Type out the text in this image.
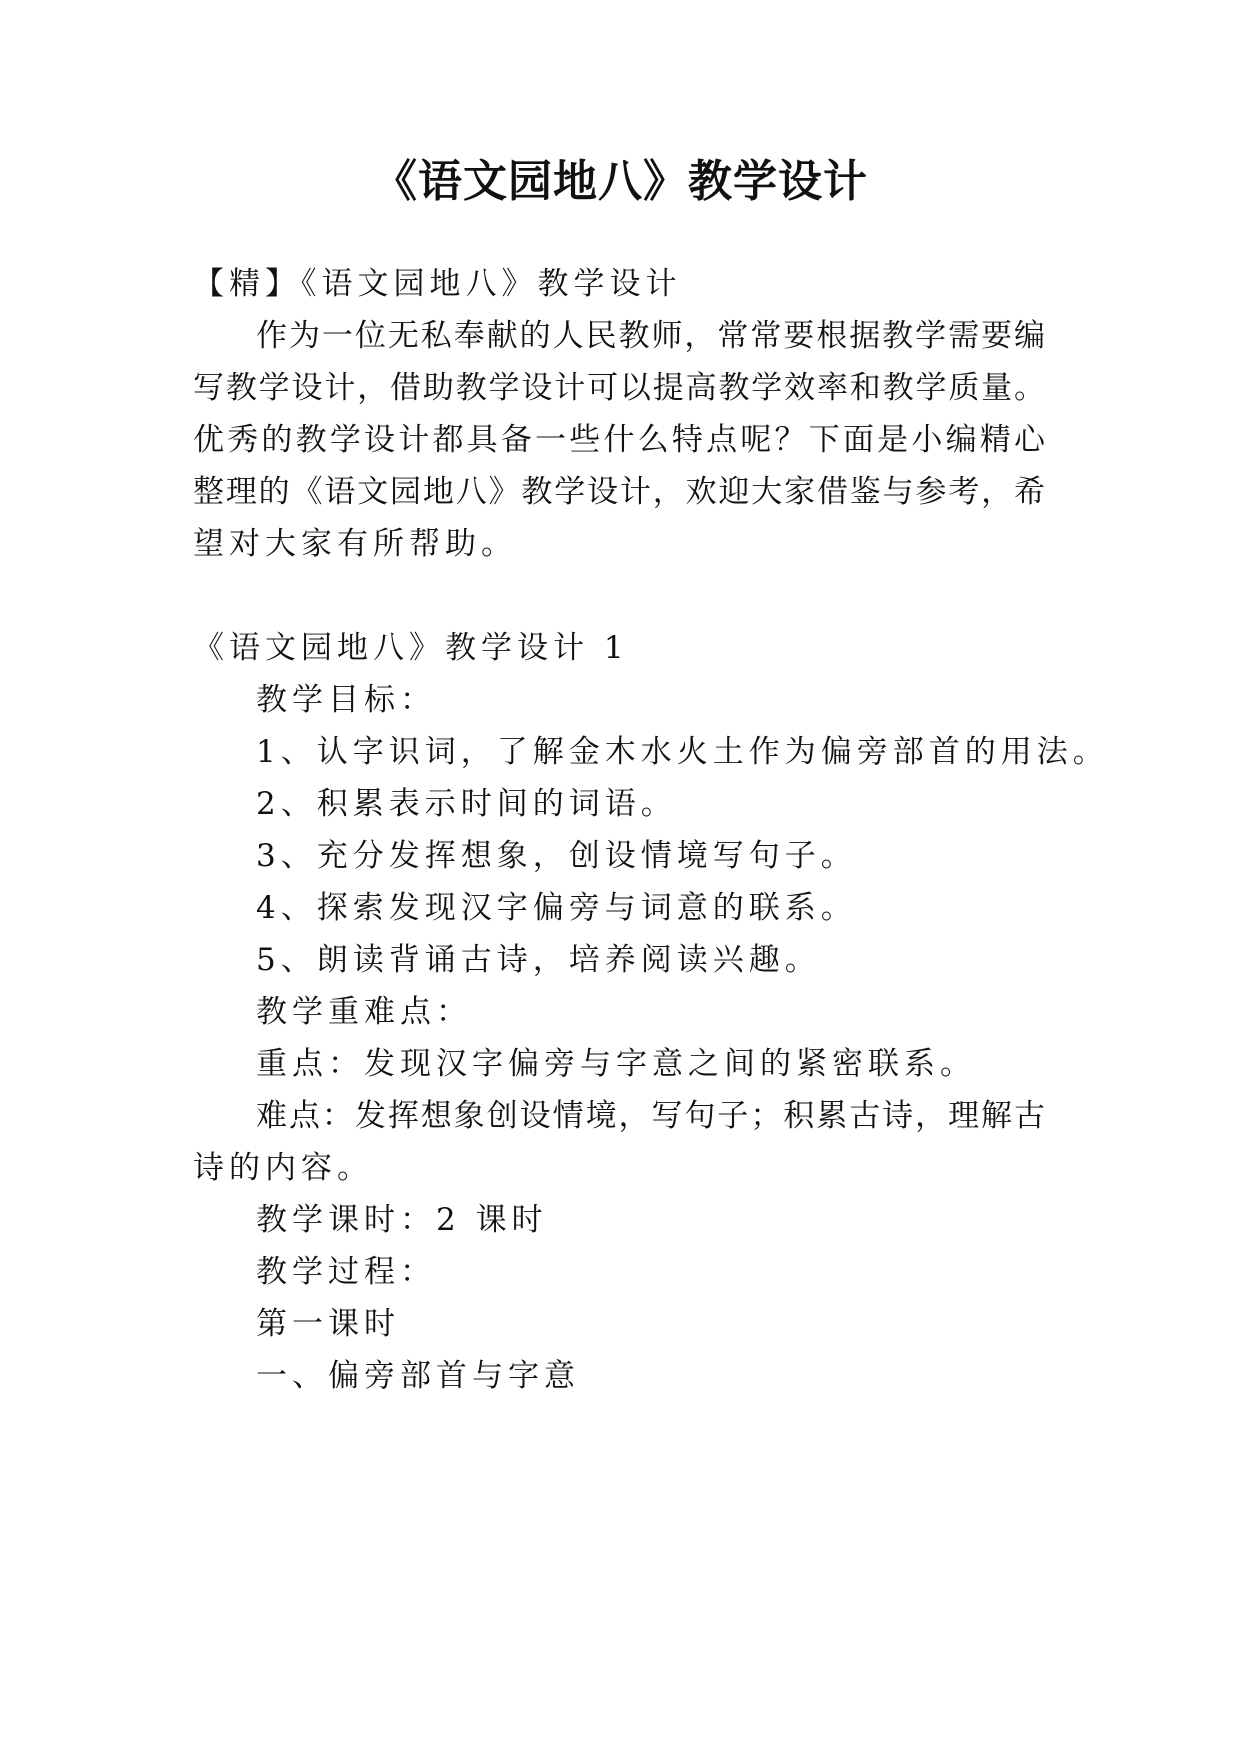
《语文园地八》教学设计

【精】《语文园地八》教学设计

作为一位无私奉献的人民教师，常常要根据教学需要编

写教学设计，借助教学设计可以提高教学效率和教学质量。

优秀的教学设计都具备一些什么特点呢？下面是小编精心

整理的《语文园地八》教学设计，欢迎大家借鉴与参考，希

望对大家有所帮助。

《语文园地八》教学设计 1

教学目标：

1、认字识词，了解金木水火土作为偏旁部首的用法。

2、积累表示时间的词语。

3、充分发挥想象，创设情境写句子。

4、探索发现汉字偏旁与词意的联系。

5、朗读背诵古诗，培养阅读兴趣。

教学重难点：

重点：发现汉字偏旁与字意之间的紧密联系。

难点：发挥想象创设情境，写句子；积累古诗，理解古

诗的内容。

教学课时：2 课时

教学过程：

第一课时

一、偏旁部首与字意
